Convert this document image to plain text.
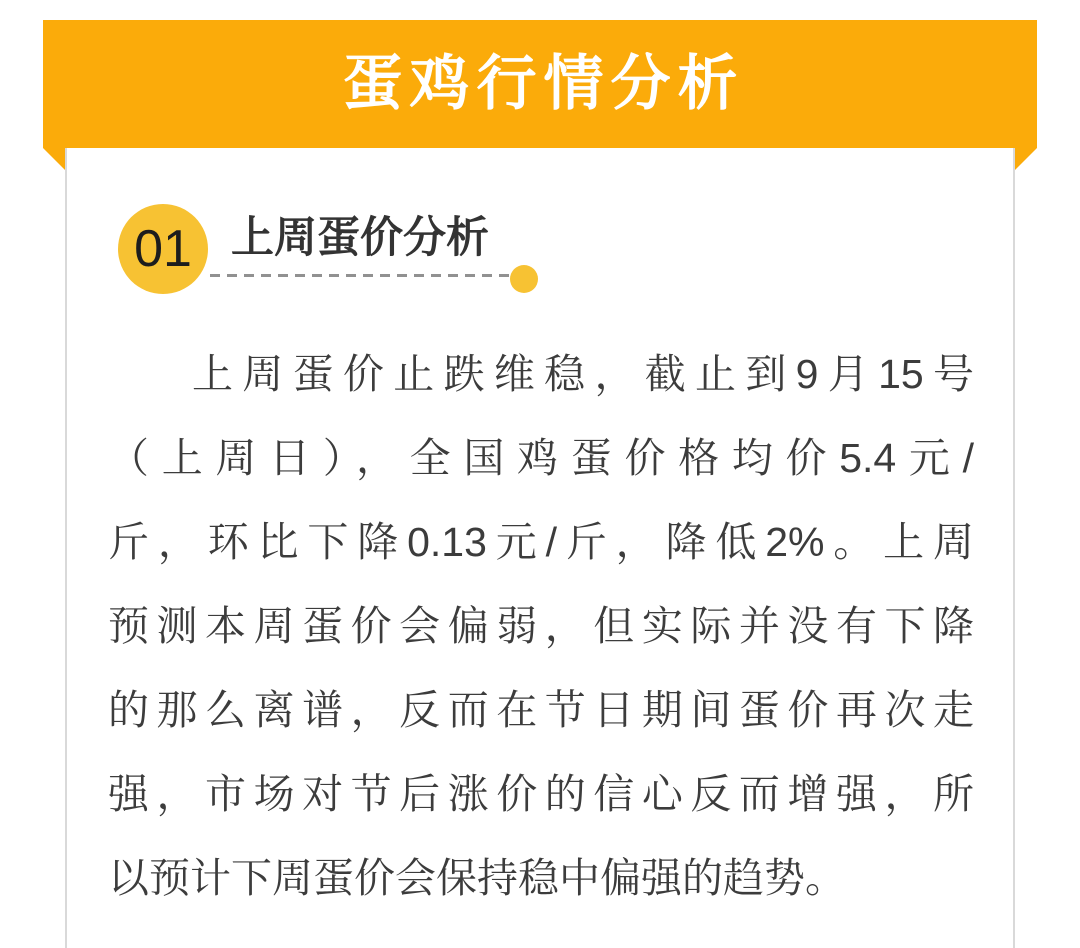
蛋鸡行情分析
01 上周蛋价分析
上周蛋价止跌维稳，截止到9月15号
（上周日），全国鸡蛋价格均价5.4元/
斤，环比下降0.13元/斤，降低2%。上周
预测本周蛋价会偏弱，但实际并没有下降
的那么离谱，反而在节日期间蛋价再次走
强，市场对节后涨价的信心反而增强，所
以预计下周蛋价会保持稳中偏强的趋势。
